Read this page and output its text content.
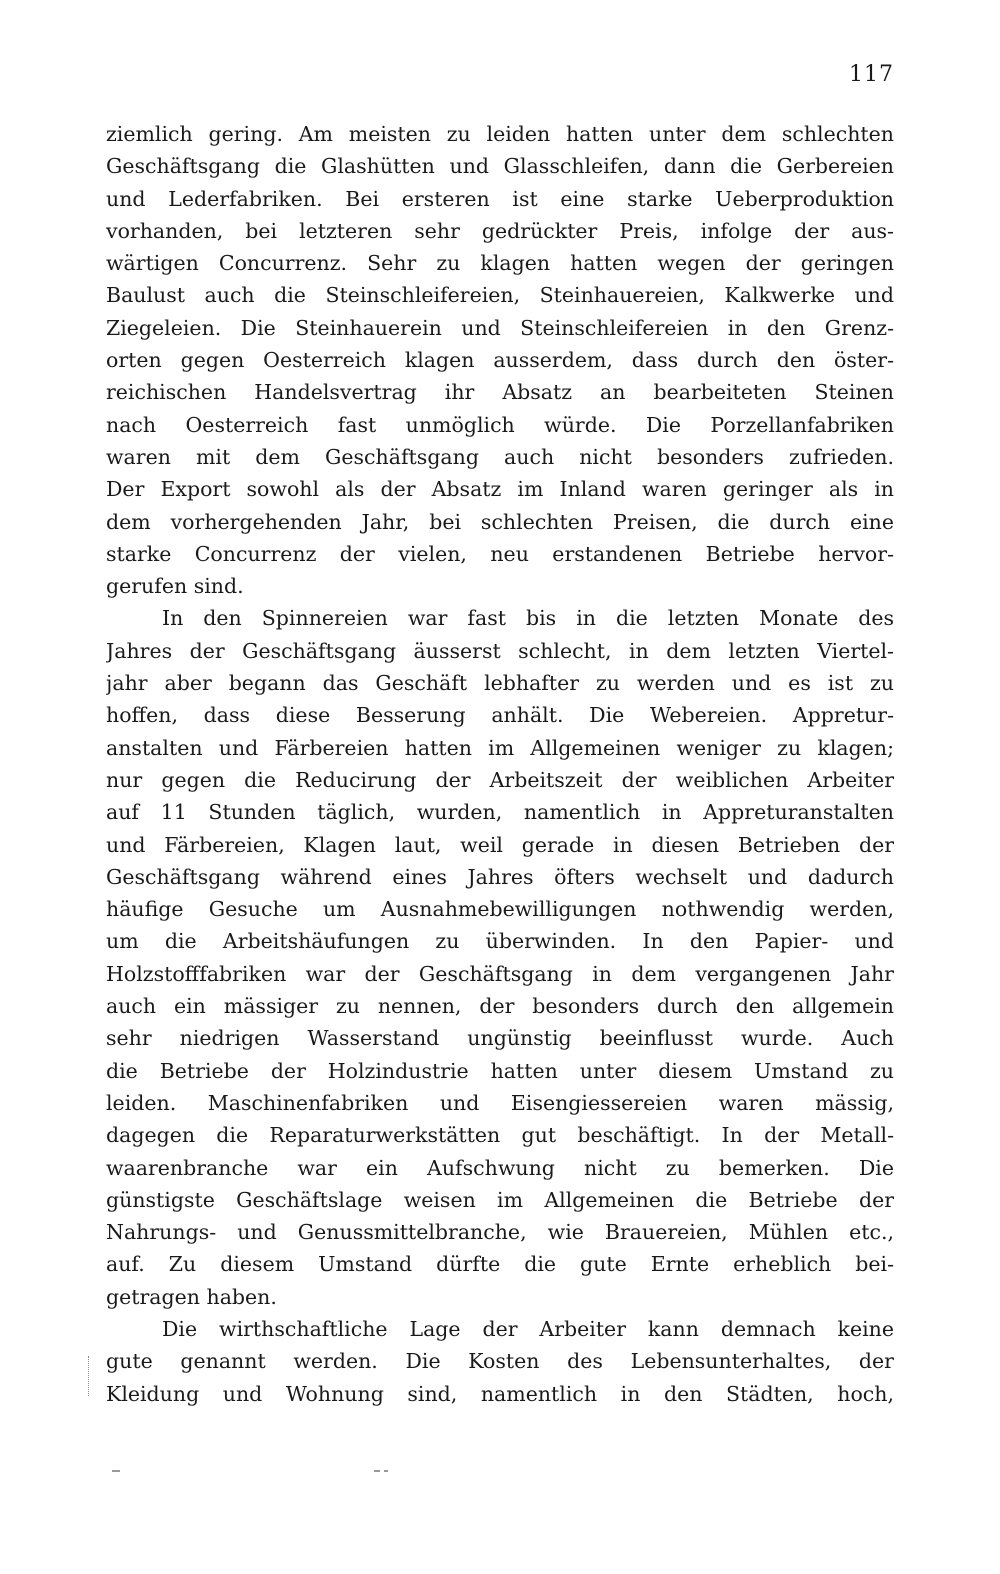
117
ziemlich gering. Am meisten zu leiden hatten unter dem schlechten
Geschäftsgang die Glashütten und Glasschleifen, dann die Gerbereien
und Lederfabriken. Bei ersteren ist eine starke Ueberproduktion
vorhanden, bei letzteren sehr gedrückter Preis, infolge der aus-
wärtigen Concurrenz. Sehr zu klagen hatten wegen der geringen
Baulust auch die Steinschleifereien, Steinhauereien, Kalkwerke und
Ziegeleien. Die Steinhauerein und Steinschleifereien in den Grenz-
orten gegen Oesterreich klagen ausserdem, dass durch den öster-
reichischen Handelsvertrag ihr Absatz an bearbeiteten Steinen
nach Oesterreich fast unmöglich würde. Die Porzellanfabriken
waren mit dem Geschäftsgang auch nicht besonders zufrieden.
Der Export sowohl als der Absatz im Inland waren geringer als in
dem vorhergehenden Jahr, bei schlechten Preisen, die durch eine
starke Concurrenz der vielen, neu erstandenen Betriebe hervor-
gerufen sind.
In den Spinnereien war fast bis in die letzten Monate des
Jahres der Geschäftsgang äusserst schlecht, in dem letzten Viertel-
jahr aber begann das Geschäft lebhafter zu werden und es ist zu
hoffen, dass diese Besserung anhält. Die Webereien. Appretur-
anstalten und Färbereien hatten im Allgemeinen weniger zu klagen;
nur gegen die Reducirung der Arbeitszeit der weiblichen Arbeiter
auf 11 Stunden täglich, wurden, namentlich in Appreturanstalten
und Färbereien, Klagen laut, weil gerade in diesen Betrieben der
Geschäftsgang während eines Jahres öfters wechselt und dadurch
häufige Gesuche um Ausnahmebewilligungen nothwendig werden,
um die Arbeitshäufungen zu überwinden. In den Papier- und
Holzstofffabriken war der Geschäftsgang in dem vergangenen Jahr
auch ein mässiger zu nennen, der besonders durch den allgemein
sehr niedrigen Wasserstand ungünstig beeinflusst wurde. Auch
die Betriebe der Holzindustrie hatten unter diesem Umstand zu
leiden. Maschinenfabriken und Eisengiessereien waren mässig,
dagegen die Reparaturwerkstätten gut beschäftigt. In der Metall-
waarenbranche war ein Aufschwung nicht zu bemerken. Die
günstigste Geschäftslage weisen im Allgemeinen die Betriebe der
Nahrungs- und Genussmittelbranche, wie Brauereien, Mühlen etc.,
auf. Zu diesem Umstand dürfte die gute Ernte erheblich bei-
getragen haben.
Die wirthschaftliche Lage der Arbeiter kann demnach keine
gute genannt werden. Die Kosten des Lebensunterhaltes, der
Kleidung und Wohnung sind, namentlich in den Städten, hoch,
